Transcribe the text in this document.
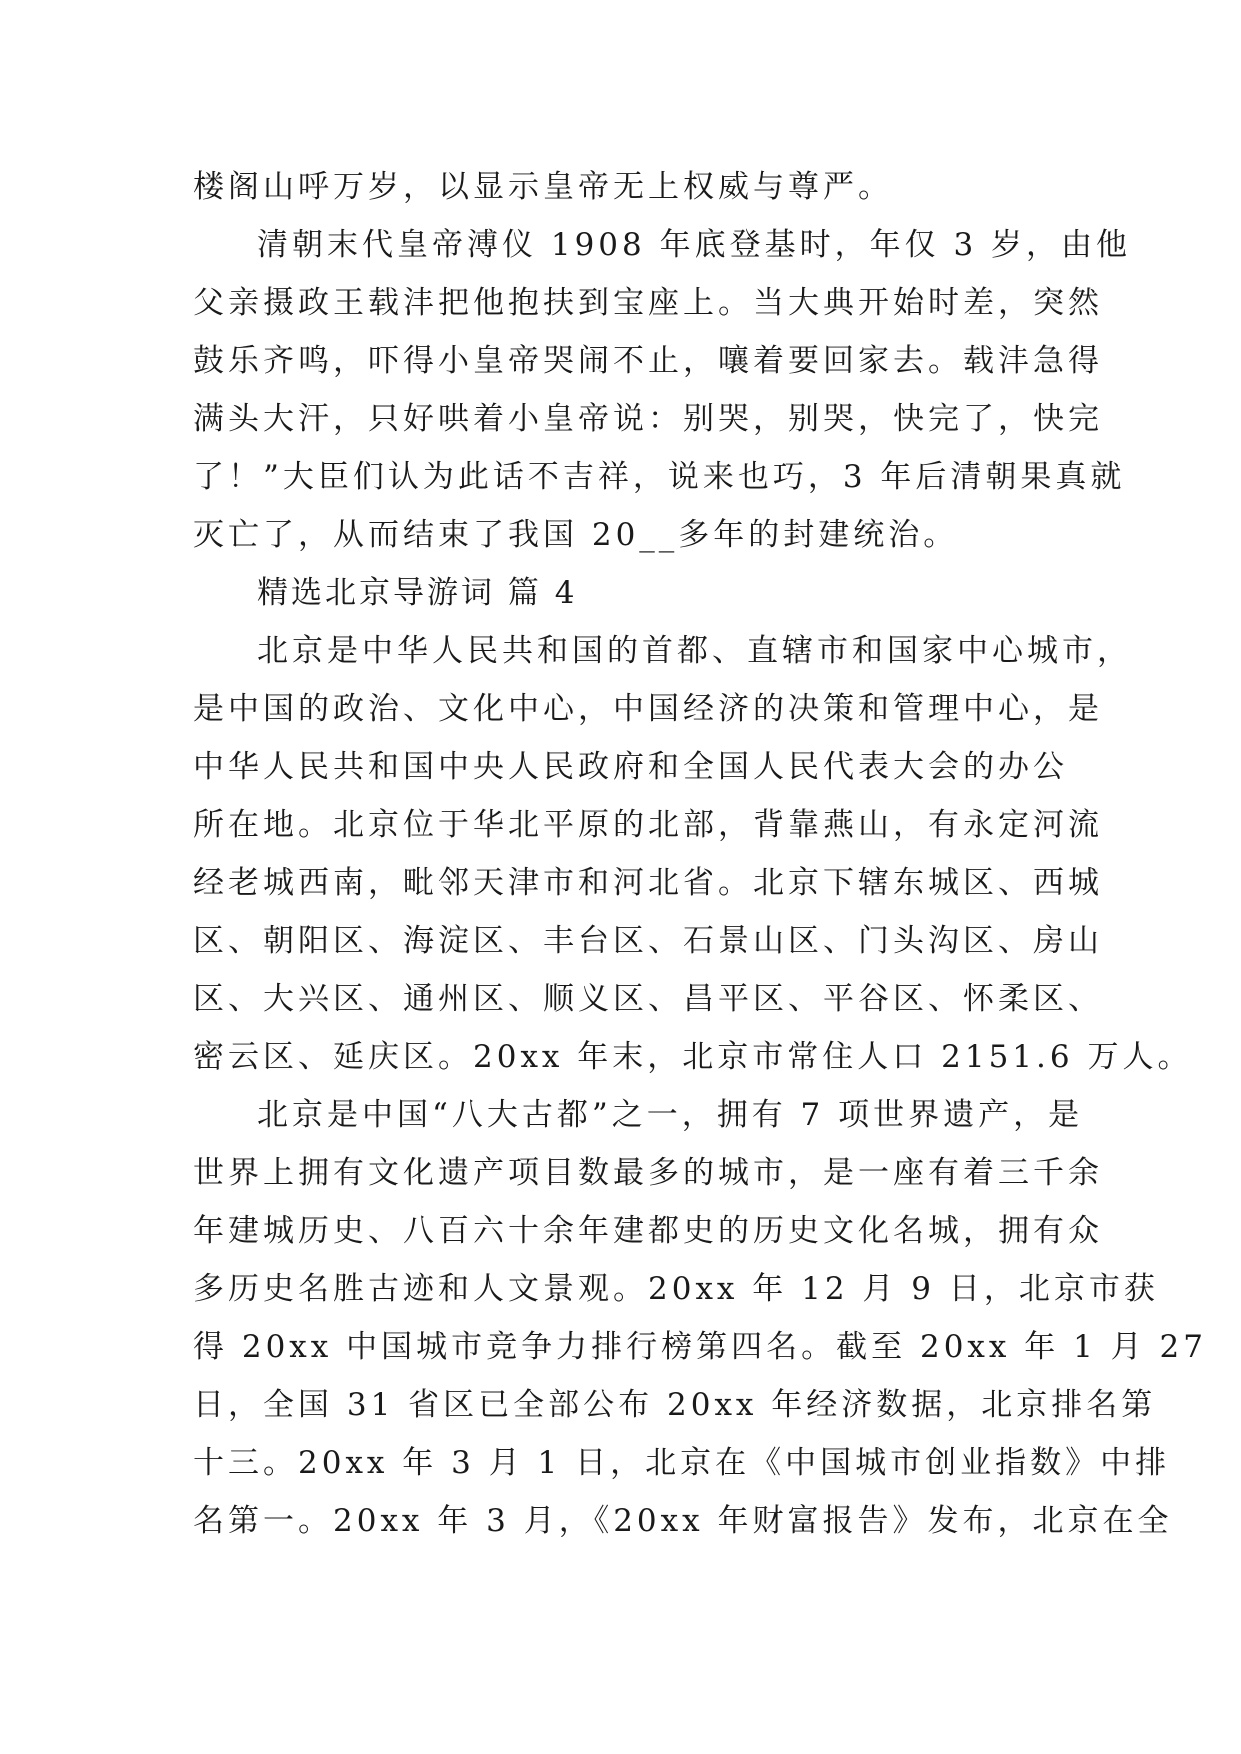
楼阁山呼万岁，以显示皇帝无上权威与尊严。
清朝末代皇帝溥仪 1908 年底登基时，年仅 3 岁，由他
父亲摄政王载沣把他抱扶到宝座上。当大典开始时差，突然
鼓乐齐鸣，吓得小皇帝哭闹不止，嚷着要回家去。载沣急得
满头大汗，只好哄着小皇帝说：别哭，别哭，快完了，快完
了！”大臣们认为此话不吉祥，说来也巧，3 年后清朝果真就
灭亡了，从而结束了我国 20__多年的封建统治。
精选北京导游词 篇 4
北京是中华人民共和国的首都、直辖市和国家中心城市，
是中国的政治、文化中心，中国经济的决策和管理中心，是
中华人民共和国中央人民政府和全国人民代表大会的办公
所在地。北京位于华北平原的北部，背靠燕山，有永定河流
经老城西南，毗邻天津市和河北省。北京下辖东城区、西城
区、朝阳区、海淀区、丰台区、石景山区、门头沟区、房山
区、大兴区、通州区、顺义区、昌平区、平谷区、怀柔区、
密云区、延庆区。20xx 年末，北京市常住人口 2151.6 万人。
北京是中国“八大古都”之一，拥有 7 项世界遗产，是
世界上拥有文化遗产项目数最多的城市，是一座有着三千余
年建城历史、八百六十余年建都史的历史文化名城，拥有众
多历史名胜古迹和人文景观。20xx 年 12 月 9 日，北京市获
得 20xx 中国城市竞争力排行榜第四名。截至 20xx 年 1 月 27
日，全国 31 省区已全部公布 20xx 年经济数据，北京排名第
十三。20xx 年 3 月 1 日，北京在《中国城市创业指数》中排
名第一。20xx 年 3 月，《20xx 年财富报告》发布，北京在全
